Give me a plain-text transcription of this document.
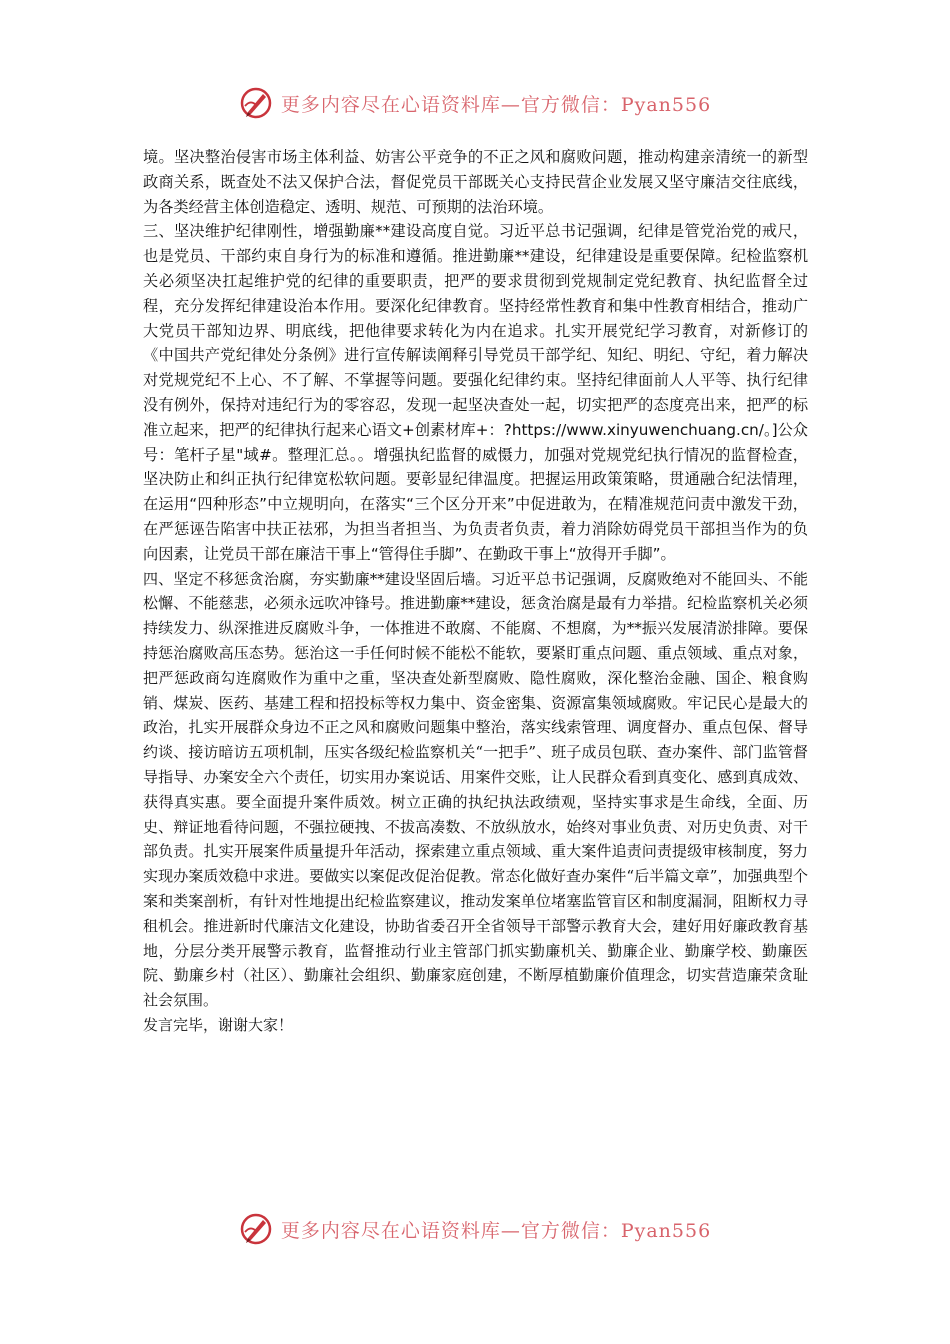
更多内容尽在心语资料库—官方微信：Pyan556

境。坚决整治侵害市场主体利益、妨害公平竞争的不正之风和腐败问题，推动构建亲清统一的新型政商关系，既查处不法又保护合法，督促党员干部既关心支持民营企业发展又坚守廉洁交往底线，为各类经营主体创造稳定、透明、规范、可预期的法治环境。

三、坚决维护纪律刚性，增强勤廉**建设高度自觉。习近平总书记强调，纪律是管党治党的戒尺，也是党员、干部约束自身行为的标准和遵循。推进勤廉**建设，纪律建设是重要保障。纪检监察机关必须坚决扛起维护党的纪律的重要职责，把严的要求贯彻到党规制定党纪教育、执纪监督全过程，充分发挥纪律建设治本作用。要深化纪律教育。坚持经常性教育和集中性教育相结合，推动广大党员干部知边界、明底线，把他律要求转化为内在追求。扎实开展党纪学习教育，对新修订的《中国共产党纪律处分条例》进行宣传解读阐释引导党员干部学纪、知纪、明纪、守纪，着力解决对党规党纪不上心、不了解、不掌握等问题。要强化纪律约束。坚持纪律面前人人平等、执行纪律没有例外，保持对违纪行为的零容忍，发现一起坚决查处一起，切实把严的态度亮出来，把严的标准立起来，把严的纪律执行起来心语文+创素材库+：?https://www.xinyuwenchuang.cn/。]公众号：笔杆子星"域#。整理汇总。。增强执纪监督的威慑力，加强对党规党纪执行情况的监督检查，坚决防止和纠正执行纪律宽松软问题。要彰显纪律温度。把握运用政策策略，贯通融合纪法情理，在运用“四种形态”中立规明向，在落实“三个区分开来”中促进敢为，在精准规范问责中激发干劲，在严惩诬告陷害中扶正祛邪，为担当者担当、为负责者负责，着力消除妨碍党员干部担当作为的负向因素，让党员干部在廉洁干事上“管得住手脚”、在勤政干事上“放得开手脚”。

四、坚定不移惩贪治腐，夯实勤廉**建设坚固后墙。习近平总书记强调，反腐败绝对不能回头、不能松懈、不能慈悲，必须永远吹冲锋号。推进勤廉**建设，惩贪治腐是最有力举措。纪检监察机关必须持续发力、纵深推进反腐败斗争，一体推进不敢腐、不能腐、不想腐，为**振兴发展清淤排障。要保持惩治腐败高压态势。惩治这一手任何时候不能松不能软，要紧盯重点问题、重点领域、重点对象，把严惩政商勾连腐败作为重中之重，坚决查处新型腐败、隐性腐败，深化整治金融、国企、粮食购销、煤炭、医药、基建工程和招投标等权力集中、资金密集、资源富集领域腐败。牢记民心是最大的政治，扎实开展群众身边不正之风和腐败问题集中整治，落实线索管理、调度督办、重点包保、督导约谈、接访暗访五项机制，压实各级纪检监察机关“一把手”、班子成员包联、查办案件、部门监管督导指导、办案安全六个责任，切实用办案说话、用案件交账，让人民群众看到真变化、感到真成效、获得真实惠。要全面提升案件质效。树立正确的执纪执法政绩观，坚持实事求是生命线，全面、历史、辩证地看待问题，不强拉硬拽、不拔高凑数、不放纵放水，始终对事业负责、对历史负责、对干部负责。扎实开展案件质量提升年活动，探索建立重点领域、重大案件追责问责提级审核制度，努力实现办案质效稳中求进。要做实以案促改促治促教。常态化做好查办案件“后半篇文章”，加强典型个案和类案剖析，有针对性地提出纪检监察建议，推动发案单位堵塞监管盲区和制度漏洞，阻断权力寻租机会。推进新时代廉洁文化建设，协助省委召开全省领导干部警示教育大会，建好用好廉政教育基地，分层分类开展警示教育，监督推动行业主管部门抓实勤廉机关、勤廉企业、勤廉学校、勤廉医院、勤廉乡村（社区）、勤廉社会组织、勤廉家庭创建，不断厚植勤廉价值理念，切实营造廉荣贪耻社会氛围。

发言完毕，谢谢大家！

更多内容尽在心语资料库—官方微信：Pyan556
